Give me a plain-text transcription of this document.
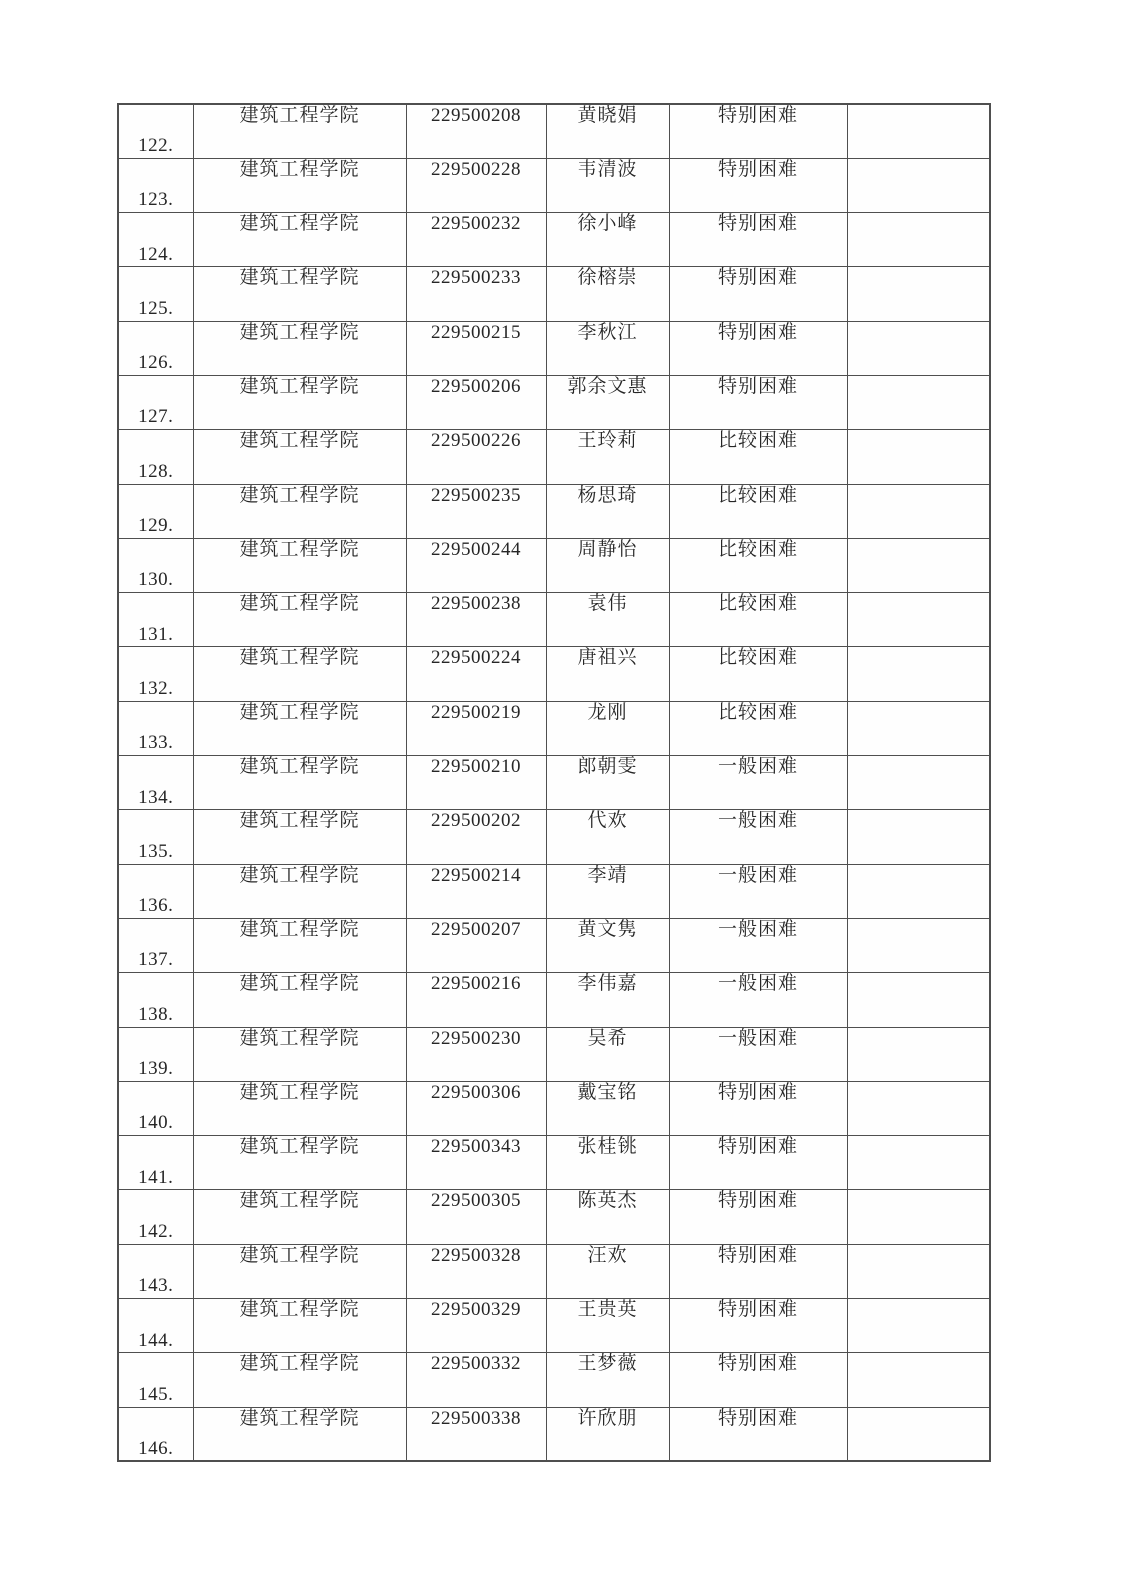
122.	建筑工程学院	229500208	黄晓娟	特别困难	
123.	建筑工程学院	229500228	韦清波	特别困难	
124.	建筑工程学院	229500232	徐小峰	特别困难	
125.	建筑工程学院	229500233	徐榕崇	特别困难	
126.	建筑工程学院	229500215	李秋江	特别困难	
127.	建筑工程学院	229500206	郭余文惠	特别困难	
128.	建筑工程学院	229500226	王玲莉	比较困难	
129.	建筑工程学院	229500235	杨思琦	比较困难	
130.	建筑工程学院	229500244	周静怡	比较困难	
131.	建筑工程学院	229500238	袁伟	比较困难	
132.	建筑工程学院	229500224	唐祖兴	比较困难	
133.	建筑工程学院	229500219	龙刚	比较困难	
134.	建筑工程学院	229500210	郎朝雯	一般困难	
135.	建筑工程学院	229500202	代欢	一般困难	
136.	建筑工程学院	229500214	李靖	一般困难	
137.	建筑工程学院	229500207	黄文隽	一般困难	
138.	建筑工程学院	229500216	李伟嘉	一般困难	
139.	建筑工程学院	229500230	吴希	一般困难	
140.	建筑工程学院	229500306	戴宝铭	特别困难	
141.	建筑工程学院	229500343	张桂铫	特别困难	
142.	建筑工程学院	229500305	陈英杰	特别困难	
143.	建筑工程学院	229500328	汪欢	特别困难	
144.	建筑工程学院	229500329	王贵英	特别困难	
145.	建筑工程学院	229500332	王梦薇	特别困难	
146.	建筑工程学院	229500338	许欣朋	特别困难	
